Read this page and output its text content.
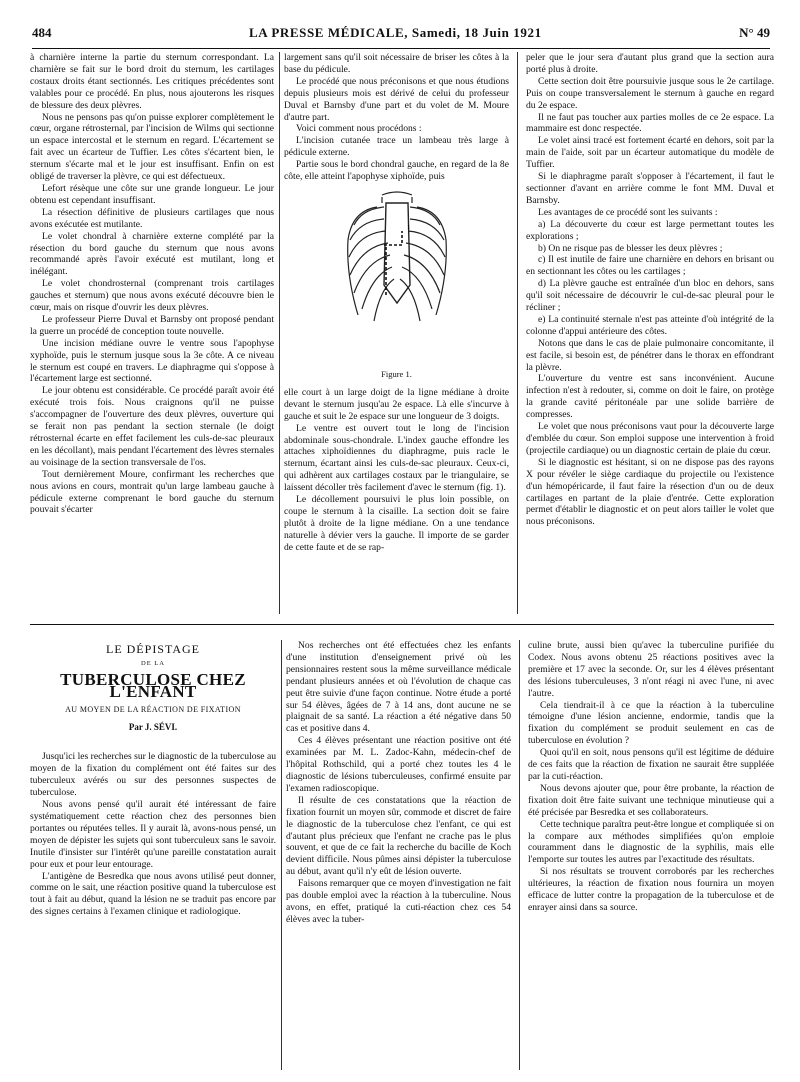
484	LA PRESSE MÉDICALE, Samedi, 18 Juin 1921	N° 49

à charnière interne la partie du sternum correspondant. La charnière se fait sur le bord droit du sternum, les cartilages costaux droits étant sectionnés. Les critiques précédentes sont valables pour ce procédé. En plus, nous ajouterons les risques de blessure des deux plèvres.

Nous ne pensons pas qu'on puisse explorer complètement le cœur, organe rétrosternal, par l'incision de Wilms qui sectionne un espace intercostal et le sternum en regard. L'écartement se fait avec un écarteur de Tuffier. Les côtes s'écartent bien, le sternum s'écarte mal et le jour est insuffisant. Enfin on est obligé de traverser la plèvre, ce qui est défectueux.

Lefort résèque une côte sur une grande longueur. Le jour obtenu est cependant insuffisant.

La résection définitive de plusieurs cartilages que nous avons exécutée est mutilante.

Le volet chondral à charnière externe complété par la résection du bord gauche du sternum que nous avons recommandé après l'avoir exécuté est mutilant, long et inélégant.

Le volet chondrosternal (comprenant trois cartilages gauches et sternum) que nous avons exécuté découvre bien le cœur, mais on risque d'ouvrir les deux plèvres.

Le professeur Pierre Duval et Barnsby ont proposé pendant la guerre un procédé de conception toute nouvelle.

Une incision médiane ouvre le ventre sous l'apophyse xyphoïde, puis le sternum jusque sous la 3e côte. A ce niveau le sternum est coupé en travers. Le diaphragme qui s'oppose à l'écartement large est sectionné.

Le jour obtenu est considérable. Ce procédé paraît avoir été exécuté trois fois. Nous craignons qu'il ne puisse s'accompagner de l'ouverture des deux plèvres, ouverture qui se ferait non pas pendant la section sternale (le doigt rétrosternal écarte en effet facilement les culs-de-sac pleuraux en les décollant), mais pendant l'écartement des lèvres sternales au voisinage de la section transversale de l'os.

Tout dernièrement Moure, confirmant les recherches que nous avions en cours, montrait qu'un large lambeau gauche à pédicule externe comprenant le bord gauche du sternum pouvait s'écarter

largement sans qu'il soit nécessaire de briser les côtes à la base du pédicule.

Le procédé que nous préconisons et que nous étudions depuis plusieurs mois est dérivé de celui du professeur Duval et Barnsby d'une part et du volet de M. Moure d'autre part.

Voici comment nous procédons :

L'incision cutanée trace un lambeau très large à pédicule externe.

Partie sous le bord chondral gauche, en regard de la 8e côte, elle atteint l'apophyse xiphoïde, puis

1
Figure 1.

elle court à un large doigt de la ligne médiane à droite devant le sternum jusqu'au 2e espace. Là elle s'incurve à gauche et suit le 2e espace sur une longueur de 3 doigts.

Le ventre est ouvert tout le long de l'incision abdominale sous-chondrale. L'index gauche effondre les attaches xiphoïdiennes du diaphragme, puis racle le sternum, écartant ainsi les culs-de-sac pleuraux. Ceux-ci, qui adhèrent aux cartilages costaux par le triangulaire, se laissent décoller très facilement d'avec le sternum (fig. 1).

Le décollement poursuivi le plus loin possible, on coupe le sternum à la cisaille. La section doit se faire plutôt à droite de la ligne médiane. On a une tendance naturelle à dévier vers la gauche. Il importe de se garder de cette faute et de se rap-

peler que le jour sera d'autant plus grand que la section aura porté plus à droite.

Cette section doit être poursuivie jusque sous le 2e cartilage. Puis on coupe transversalement le sternum à gauche en regard du 2e espace.

Il ne faut pas toucher aux parties molles de ce 2e espace. La mammaire est donc respectée.

Le volet ainsi tracé est fortement écarté en dehors, soit par la main de l'aide, soit par un écarteur automatique du modèle de Tuffier.

Si le diaphragme paraît s'opposer à l'écartement, il faut le sectionner d'avant en arrière comme le font MM. Duval et Barnsby.

Les avantages de ce procédé sont les suivants :

a) La découverte du cœur est large permettant toutes les explorations ;

b) On ne risque pas de blesser les deux plèvres ;

c) Il est inutile de faire une charnière en dehors en brisant ou en sectionnant les côtes ou les cartilages ;

d) La plèvre gauche est entraînée d'un bloc en dehors, sans qu'il soit nécessaire de découvrir le cul-de-sac pleural pour le récliner ;

e) La continuité sternale n'est pas atteinte d'où intégrité de la colonne d'appui antérieure des côtes.

Notons que dans le cas de plaie pulmonaire concomitante, il est facile, si besoin est, de pénétrer dans le thorax en effondrant la plèvre.

L'ouverture du ventre est sans inconvénient. Aucune infection n'est à redouter, si, comme on doit le faire, on protège la grande cavité péritonéale par une solide barrière de compresses.

Le volet que nous préconisons vaut pour la découverte large d'emblée du cœur. Son emploi suppose une intervention à froid (projectile cardiaque) ou un diagnostic certain de plaie du cœur.

Si le diagnostic est hésitant, si on ne dispose pas des rayons X pour révéler le siège cardiaque du projectile ou l'existence d'un hémopéricarde, il faut faire la résection d'un ou de deux cartilages en partant de la plaie d'entrée. Cette exploration permet d'établir le diagnostic et on peut alors tailler le volet que nous préconisons.

LE DÉPISTAGE
DE LA
TUBERCULOSE CHEZ L'ENFANT
AU MOYEN DE LA RÉACTION DE FIXATION
Par J. SÉVI.

Jusqu'ici les recherches sur le diagnostic de la tuberculose au moyen de la fixation du complément ont été faites sur des tuberculeux avérés ou sur des personnes suspectes de tuberculose.

Nous avons pensé qu'il aurait été intéressant de faire systématiquement cette réaction chez des personnes bien portantes ou réputées telles. Il y aurait là, avons-nous pensé, un moyen de dépister les sujets qui sont tuberculeux sans le savoir. Inutile d'insister sur l'intérêt qu'une pareille constatation aurait pour eux et pour leur entourage.

L'antigène de Besredka que nous avons utilisé peut donner, comme on le sait, une réaction positive quand la tuberculose est tout à fait au début, quand la lésion ne se traduit pas encore par des signes certains à l'examen clinique et radiologique.

Nos recherches ont été effectuées chez les enfants d'une institution d'enseignement privé où les pensionnaires restent sous la même surveillance médicale pendant plusieurs années et où l'évolution de chaque cas peut être suivie d'une façon continue. Notre étude a porté sur 54 élèves, âgées de 7 à 14 ans, dont aucune ne se plaignait de sa santé. La réaction a été négative dans 50 cas et positive dans 4.

Ces 4 élèves présentant une réaction positive ont été examinées par M. L. Zadoc-Kahn, médecin-chef de l'hôpital Rothschild, qui a porté chez toutes les 4 le diagnostic de lésions tuberculeuses, confirmé ensuite par l'examen radioscopique.

Il résulte de ces constatations que la réaction de fixation fournit un moyen sûr, commode et discret de faire le diagnostic de la tuberculose chez l'enfant, ce qui est d'autant plus précieux que l'enfant ne crache pas le plus souvent, et que de ce fait la recherche du bacille de Koch devient difficile. Nous pûmes ainsi dépister la tuberculose au début, avant qu'il n'y eût de lésion ouverte.

Faisons remarquer que ce moyen d'investigation ne fait pas double emploi avec la réaction à la tuberculine. Nous avons, en effet, pratiqué la cuti-réaction chez ces 54 élèves avec la tuber-

culine brute, aussi bien qu'avec la tuberculine purifiée du Codex. Nous avons obtenu 25 réactions positives avec la première et 17 avec la seconde. Or, sur les 4 élèves présentant des lésions tuberculeuses, 3 n'ont réagi ni avec l'une, ni avec l'autre.

Cela tiendrait-il à ce que la réaction à la tuberculine témoigne d'une lésion ancienne, endormie, tandis que la fixation du complément se produit seulement en cas de tuberculose en évolution ?

Quoi qu'il en soit, nous pensons qu'il est légitime de déduire de ces faits que la réaction de fixation ne saurait être suppléée par la cuti-réaction.

Nous devons ajouter que, pour être probante, la réaction de fixation doit être faite suivant une technique minutieuse qui a été précisée par Besredka et ses collaborateurs.

Cette technique paraîtra peut-être longue et compliquée si on la compare aux méthodes simplifiées qu'on emploie couramment dans le diagnostic de la syphilis, mais elle l'emporte sur toutes les autres par l'exactitude des résultats.

Si nos résultats se trouvent corroborés par les recherches ultérieures, la réaction de fixation nous fournira un moyen efficace de lutter contre la propagation de la tuberculose et de enrayer ainsi dans sa source.
